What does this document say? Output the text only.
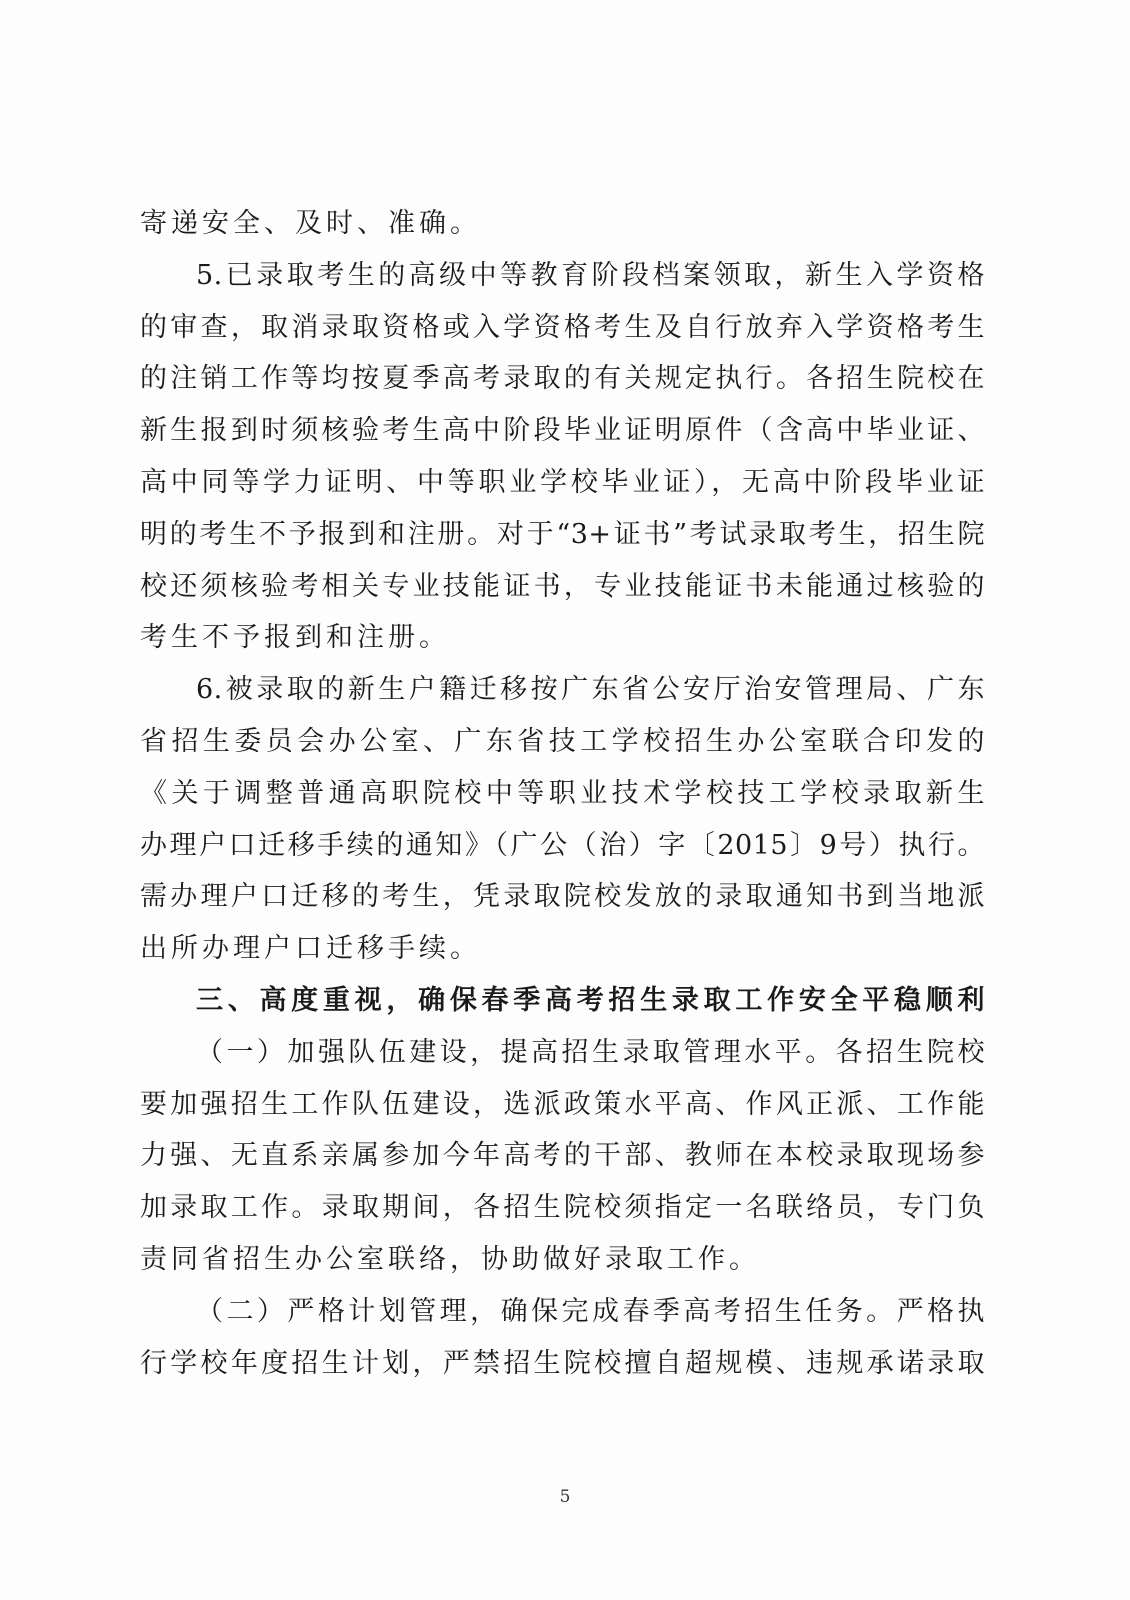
寄递安全、及时、准确。
5.已录取考生的高级中等教育阶段档案领取，新生入学资格
的审查，取消录取资格或入学资格考生及自行放弃入学资格考生
的注销工作等均按夏季高考录取的有关规定执行。各招生院校在
新生报到时须核验考生高中阶段毕业证明原件（含高中毕业证、
高中同等学力证明、中等职业学校毕业证），无高中阶段毕业证
明的考生不予报到和注册。对于“3+证书”考试录取考生，招生院
校还须核验考相关专业技能证书，专业技能证书未能通过核验的
考生不予报到和注册。
6.被录取的新生户籍迁移按广东省公安厅治安管理局、广东
省招生委员会办公室、广东省技工学校招生办公室联合印发的
《关于调整普通高职院校中等职业技术学校技工学校录取新生
办理户口迁移手续的通知》（广公（治）字〔2015〕9号）执行。
需办理户口迁移的考生，凭录取院校发放的录取通知书到当地派
出所办理户口迁移手续。
三、高度重视，确保春季高考招生录取工作安全平稳顺利
（一）加强队伍建设，提高招生录取管理水平。各招生院校
要加强招生工作队伍建设，选派政策水平高、作风正派、工作能
力强、无直系亲属参加今年高考的干部、教师在本校录取现场参
加录取工作。录取期间，各招生院校须指定一名联络员，专门负
责同省招生办公室联络，协助做好录取工作。
（二）严格计划管理，确保完成春季高考招生任务。严格执
行学校年度招生计划，严禁招生院校擅自超规模、违规承诺录取
5
